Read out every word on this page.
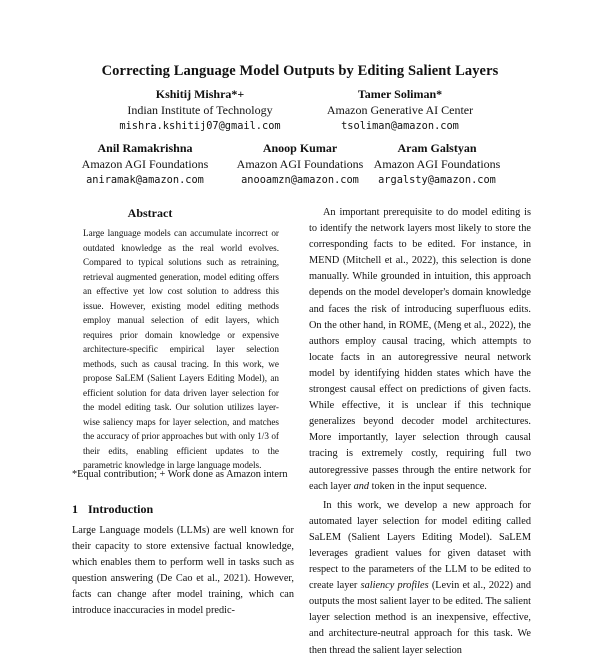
Correcting Language Model Outputs by Editing Salient Layers
Kshitij Mishra*+
Indian Institute of Technology
mishra.kshitij07@gmail.com
Tamer Soliman*
Amazon Generative AI Center
tsoliman@amazon.com
Anil Ramakrishna
Amazon AGI Foundations
aniramak@amazon.com
Anoop Kumar
Amazon AGI Foundations
anooamzn@amazon.com
Aram Galstyan
Amazon AGI Foundations
argalsty@amazon.com
Abstract

Large language models can accumulate incorrect or outdated knowledge as the real world evolves. Compared to typical solutions such as retraining, retrieval augmented generation, model editing offers an effective yet low cost solution to address this issue. However, existing model editing methods employ manual selection of edit layers, which requires prior domain knowledge or expensive architecture-specific empirical layer selection methods, such as causal tracing. In this work, we propose SaLEM (Salient Layers Editing Model), an efficient solution for data driven layer selection for the model editing task. Our solution utilizes layer-wise saliency maps for layer selection, and matches the accuracy of prior approaches but with only 1/3 of their edits, enabling efficient updates to the parametric knowledge in large language models.

*Equal contribution; + Work done as Amazon intern
1 Introduction

Large Language models (LLMs) are well known for their capacity to store extensive factual knowledge, which enables them to perform well in tasks such as question answering (De Cao et al., 2021). However, facts can change after model training, which can introduce inaccuracies in model predic-

An important prerequisite to do model editing is to identify the network layers most likely to store the corresponding facts to be edited. For instance, in MEND (Mitchell et al., 2022), this selection is done manually. While grounded in intuition, this approach depends on the model developer's domain knowledge and faces the risk of introducing superfluous edits. On the other hand, in ROME, (Meng et al., 2022), the authors employ causal tracing, which attempts to locate facts in an autoregressive neural network model by identifying hidden states which have the strongest causal effect on predictions of given facts. While effective, it is unclear if this technique generalizes beyond decoder model architectures. More importantly, layer selection through causal tracing is extremely costly, requiring full two autoregressive passes through the entire network for each layer and token in the input sequence.

In this work, we develop a new approach for automated layer selection for model editing called SaLEM (Salient Layers Editing Model). SaLEM leverages gradient values for given dataset with respect to the parameters of the LLM to be edited to create layer saliency profiles (Levin et al., 2022) and outputs the most salient layer to be edited. The salient layer selection method is an inexpensive, effective, and architecture-neutral approach for this task. We then thread the salient layer selection
